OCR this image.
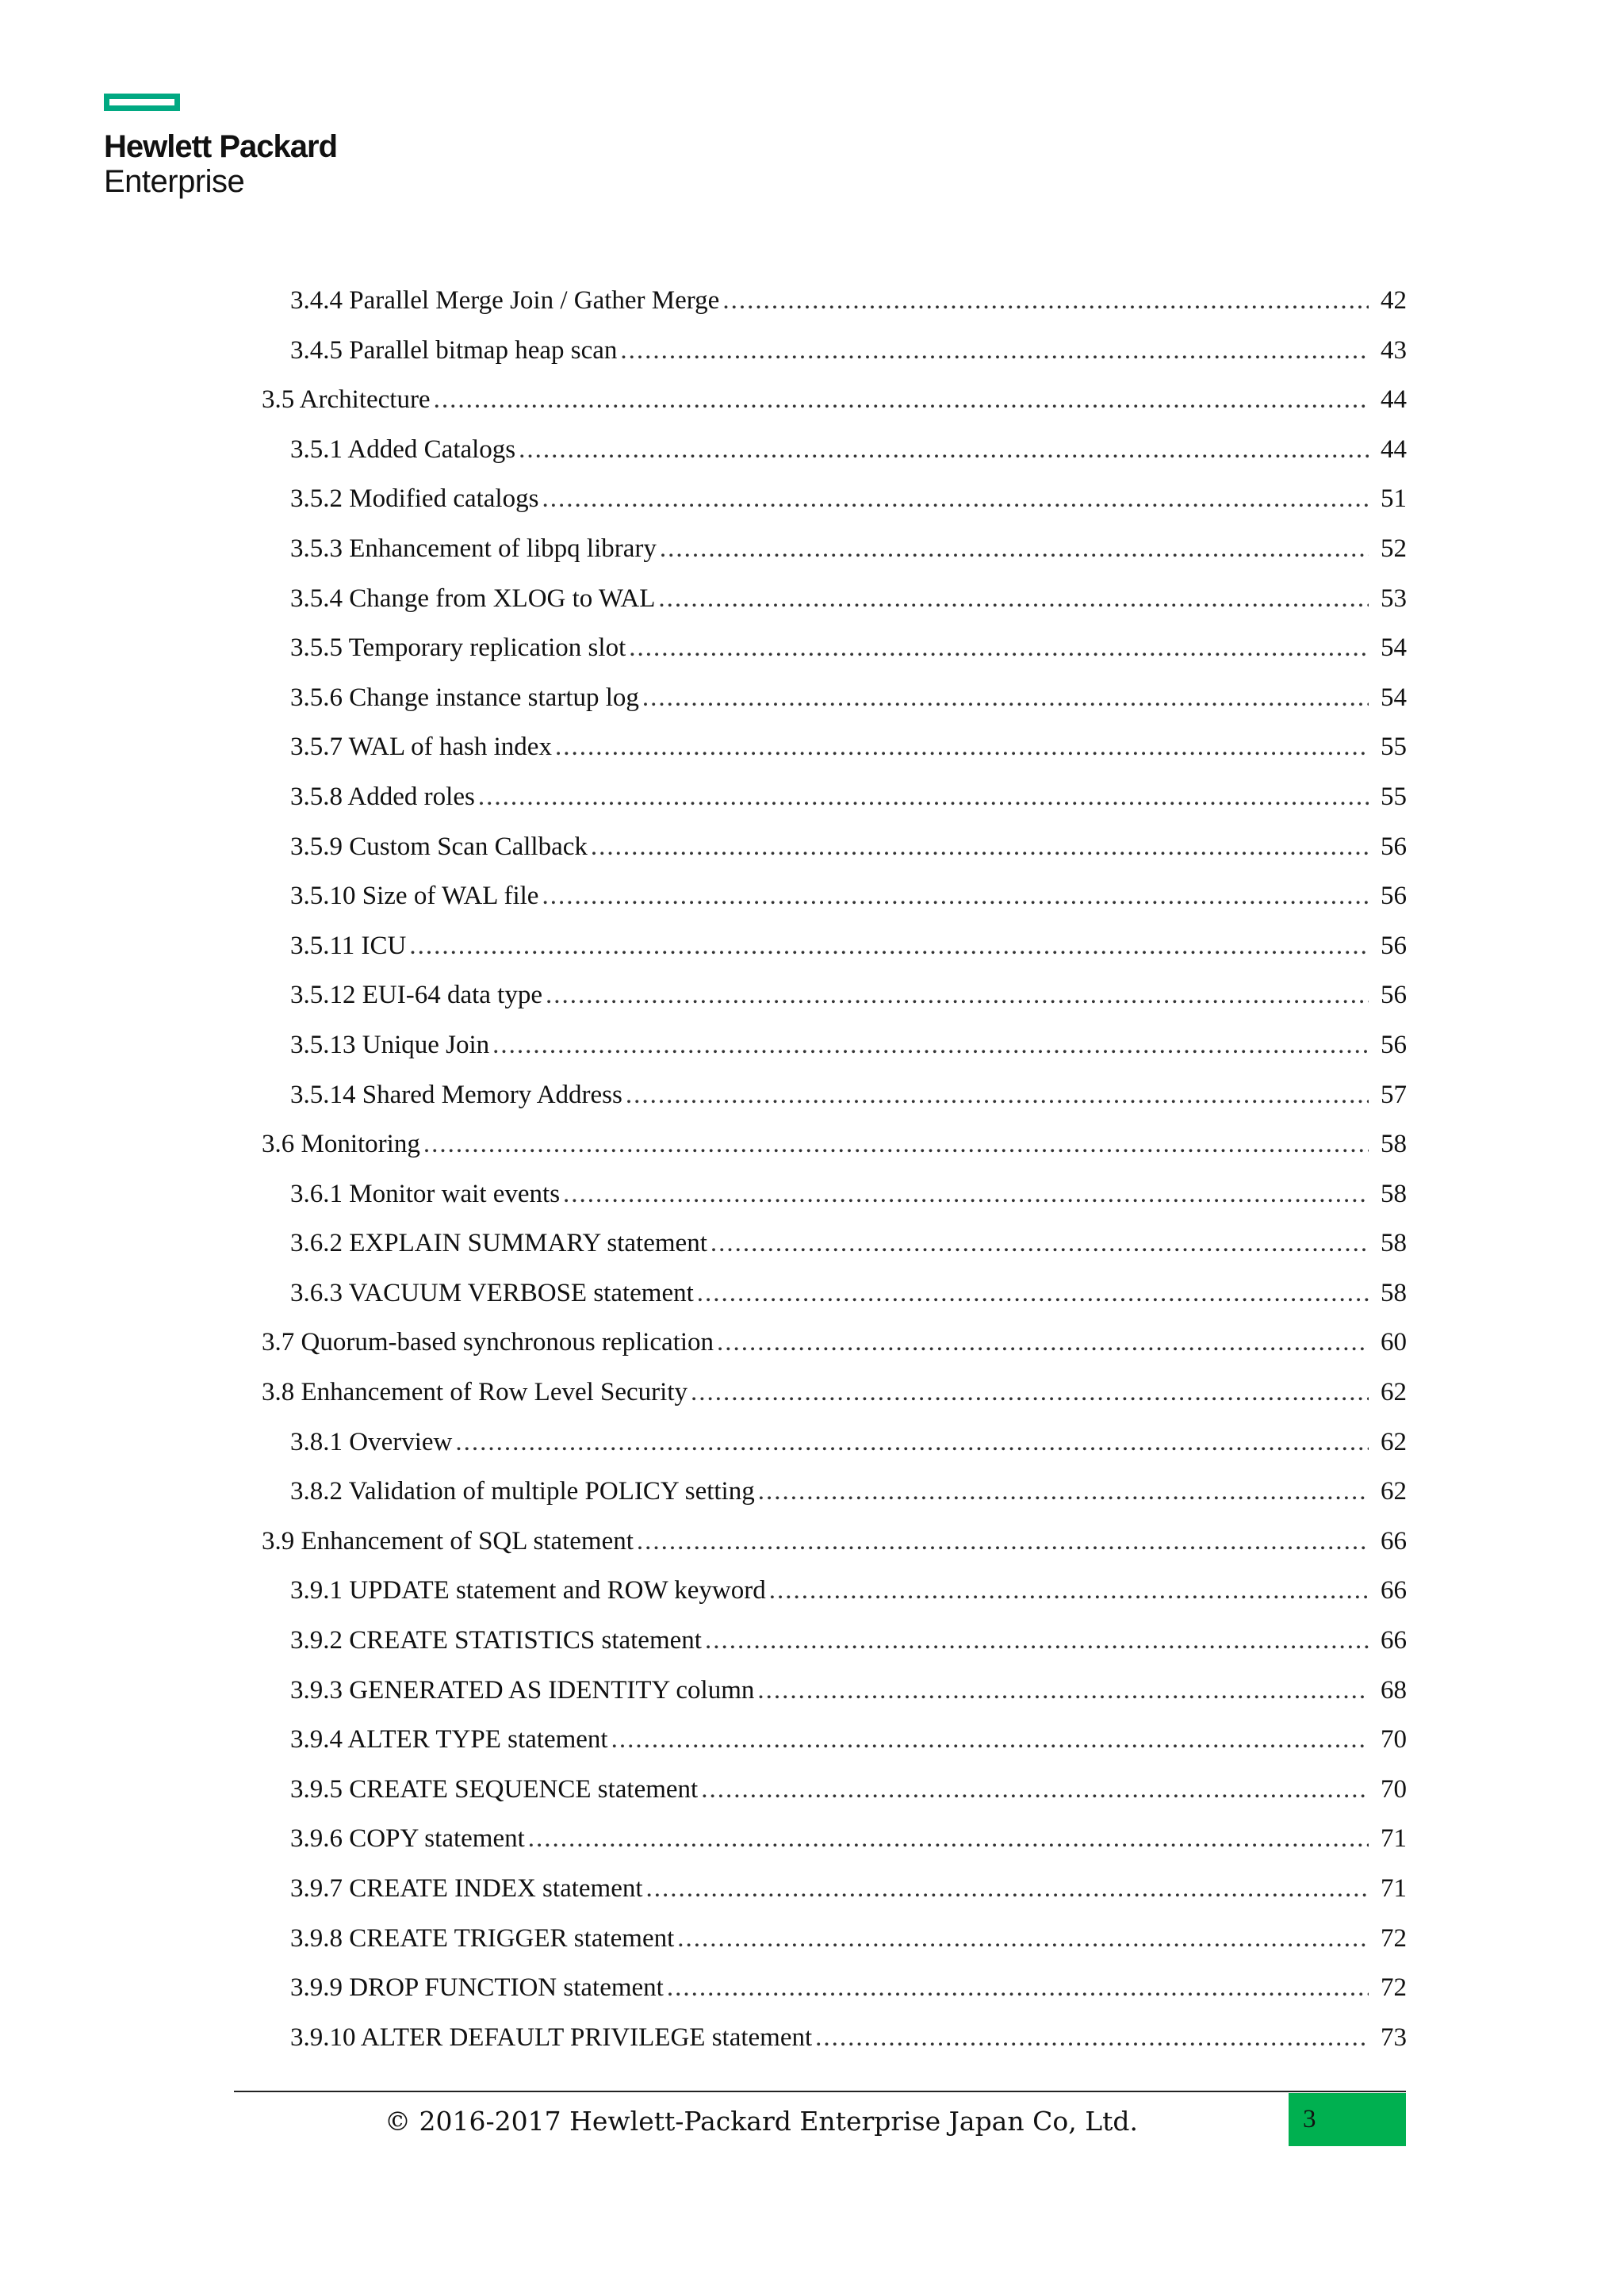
Hewlett Packard
Enterprise
3.4.4 Parallel Merge Join / Gather Merge .....	42
3.4.5 Parallel bitmap heap scan .....	43
3.5 Architecture .....	44
3.5.1 Added Catalogs .....	44
3.5.2 Modified catalogs .....	51
3.5.3 Enhancement of libpq library .....	52
3.5.4 Change from XLOG to WAL .....	53
3.5.5 Temporary replication slot .....	54
3.5.6 Change instance startup log .....	54
3.5.7 WAL of hash index .....	55
3.5.8 Added roles .....	55
3.5.9 Custom Scan Callback .....	56
3.5.10 Size of WAL file .....	56
3.5.11 ICU .....	56
3.5.12 EUI-64 data type .....	56
3.5.13 Unique Join .....	56
3.5.14 Shared Memory Address .....	57
3.6 Monitoring .....	58
3.6.1 Monitor wait events .....	58
3.6.2 EXPLAIN SUMMARY statement .....	58
3.6.3 VACUUM VERBOSE statement .....	58
3.7 Quorum-based synchronous replication .....	60
3.8 Enhancement of Row Level Security .....	62
3.8.1 Overview .....	62
3.8.2 Validation of multiple POLICY setting .....	62
3.9 Enhancement of SQL statement .....	66
3.9.1 UPDATE statement and ROW keyword .....	66
3.9.2 CREATE STATISTICS statement .....	66
3.9.3 GENERATED AS IDENTITY column .....	68
3.9.4 ALTER TYPE statement .....	70
3.9.5 CREATE SEQUENCE statement .....	70
3.9.6 COPY statement .....	71
3.9.7 CREATE INDEX statement .....	71
3.9.8 CREATE TRIGGER statement .....	72
3.9.9 DROP FUNCTION statement .....	72
3.9.10 ALTER DEFAULT PRIVILEGE statement .....	73
© 2016-2017 Hewlett-Packard Enterprise Japan Co, Ltd.	3
